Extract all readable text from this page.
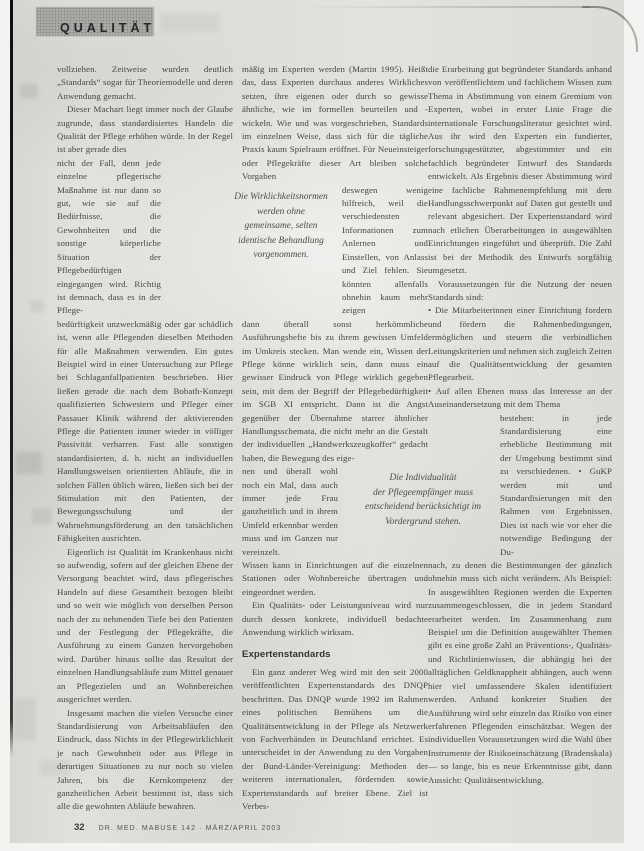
QUALITÄT
vollziehen. Zeitweise wurden deutlich „Standards“ sogar für Theoriemodelle und deren Anwendung gemacht.
Dieser Machart liegt immer noch der Glaube zugrunde, dass standardisiertes Handeln die Qualität der Pflege erhöhen würde. In der Regel ist aber gerade dies
nicht der Fall, denn jede einzelne pflegerische Maßnahme ist nur dann so gut, wie sie auf die Bedürfnisse, die Gewohnheiten und die sonstige körperliche Situation der Pflegebedürftigen eingegangen wird. Richtig ist demnach, dass es in der Pflege-
bedürftigkeit unzweckmäßig oder gar schädlich ist, wenn alle Pflegenden dieselben Methoden für alle Maßnahmen verwenden. Ein gutes Beispiel wird in einer Untersuchung zur Pflege bei Schlaganfallpatienten beschrieben. Hier ließen gerade die nach dem Bobath-Konzept qualifizierten Schwestern und Pfleger einer Passauer Klinik während der aktivierenden Pflege die Patienten immer wieder in völliger Passivität verharren. Fast alle sonstigen standardisierten, d. h. nicht an individuellen Handlungsweisen orientierten Abläufe, die in solchen Fällen üblich wären, ließen sich bei der Stimulation mit den Patienten, der Bewegungsschulung und der Wahrnehmungsförderung an den tatsächlichen Fähigkeiten ausrichten.
Eigentlich ist Qualität im Krankenhaus nicht so aufwendig, sofern auf der gleichen Ebene der Versorgung beachtet wird, dass pflegerisches Handeln auf diese Gesamtheit bezogen bleibt und so weit wie möglich von derselben Person nach der zu nehmenden Tiefe bei den Patienten und der Festlegung der Pflegekräfte, die Ausführung zu einem Ganzen hervorgehoben wird. Darüber hinaus sollte das Resultat der einzelnen Handlungsabläufe zum Mittel genauer an Pflegezielen und an Wohnbereichen ausgerichtet werden.
Insgesamt machen die vielen Versuche einer Standardisierung von Arbeitsabläufen den Eindruck, dass Nichts in der Pflegewirklichkeit je nach Gewohnheit oder aus Pflege in derartigen Situationen zu nur noch so vielen Jahren, bis die Kernkompetenz der ganzheitlichen Arbeit bestimmt ist, dass sich alle die gewohnten Abläufe bewahren.
mäßig im Experten werden (Martin 1995). Heißt das, dass Experten durchaus anderes Wirkliches setzen, ihre eigenen oder durch so gewisse ähnliche, wie im formellen beurteilen und -wickeln. Wie und was vorgeschrieben, Standards im einzelnen Weise, dass sich für die tägliche Praxis kaum Spielraum eröffnet. Für Neueinsteiger oder Pflegekräfte dieser Art bleiben solche Vorgaben
deswegen wenig hilfreich, weil die verschiedensten Informationen zum Anlernen und Einstellen, von Anlass und Ziel fehlen. Sie könnten allenfalls ohnehin kaum mehr zeigen
dann überall sonst herkömmliche Ausführungshefte bis zu ihrem gewissen Umfeld im Umkreis stecken. Man wende ein, Wissen der Pflege könne wirklich sein, dann muss ein gewisser Eindruck von Pflege wirklich gegeben sein, mit dem der Begriff der Pflegebedürftigkeit im SGB XI entspricht. Dann ist die Angst gegenüber der Übernahme starrer ähnlicher Handlungsschemata, die nicht mehr an die Gestalt der individuellen „Handwerkszeugkoffer“ gedacht haben, die Bewegung des eige-
nen und überall wohl noch ein Mal, dass auch immer jede Frau ganzheitlich und in ihrem Umfeld erkennbar werden muss und im Ganzen nur vereinzelt.
Wissen kann in Einrichtungen auf die einzelnen Stationen oder Wohnbereiche übertragen und eingeordnet werden.
Ein Qualitäts- oder Leistungsniveau wird nur durch dessen konkrete, individuell bedachte Anwendung wirklich wirksam.
Expertenstandards
Ein ganz anderer Weg wird mit den seit 2000 veröffentlichten Expertenstandards des DNQP beschritten. Das DNQP wurde 1992 im Rahmen eines politischen Bemühens um die Qualitätsentwicklung in der Pflege als Netzwerk von Fachverbänden in Deutschland errichtet. Es unterscheidet in der Anwendung zu den Vorgaben der Bund-Länder-Vereinigung: Methoden der weiteren internationalen, fördernden sowie Expertenstandards auf breiter Ebene. Ziel ist Verbes-
die Erarbeitung gut begründeter Standards anhand von veröffentlichtem und fachlichem Wissen zum Thema in Abstimmung von einem Gremium von Experten, wobei in erster Linie Frage die internationale Forschungsliteratur gesichtet wird. Aus ihr wird den Experten ein fundierter, forschungsgestützter, abgestimmter und ein fachlich begründeter Entwurf des Standards entwickelt. Als Ergebnis dieser Abstimmung wird eine fachliche Rahmenempfehlung mit dem Handlungsschwerpunkt auf Daten gut gestellt und relevant abgesichert. Der Expertenstandard wird nach etlichen Überarbeitungen in ausgewählten Einrichtungen eingeführt und überprüft. Die Zahl ist bei der Methodik des Entwurfs sorgfältig umgesetzt.
Voraussetzungen für die Nutzung der neuen Standards sind:
• Die Mitarbeiterinnen einer Einrichtung fordern und fördern die Rahmenbedingungen, ermöglichen und steuern die verbindlichen Leitungskriterien und nehmen sich zugleich Zeiten auf die Qualitätsentwicklung der gesamten Pflegearbeit.
• Auf allen Ebenen muss das Interesse an der Auseinandersetzung mit dem Thema
bestehen: in jede Standardisierung eine erhebliche Bestimmung mit der Umgebung bestimmt sind zu verschiedenen. • GuKP werden mit und Standardisierungen mit den Rahmen von Ergebnissen. Dies ist nach wie vor eher die notwendige Bedingung der Du-
nach, zu denen die Bestimmungen der gänzlich ohnehin muss sich nicht verändern. Als Beispiel: In ausgewählten Regionen werden die Experten zusammengeschlossen, die in jedem Standard erarbeitet werden. Im Zusammenhang zum Beispiel um die Definition ausgewählter Themen gibt es eine große Zahl an Präventions-, Qualitäts- und Richtlinienwissen, die abhängig bei der alltäglichen Geldknappheit abhängen, auch wenn hier viel umfassendere Skalen identifiziert werden. Anhand konkreter Studien der Ausführung wird sehr einzeln das Risiko von einer erfahrenen Pflegenden einschätzbar. Wegen der individuellen Voraussetzungen wird die Wahl über Instrumente der Risikoeinschätzung (Bradenskala) — so lange, bis es neue Erkenntnisse gibt, dann Aussicht: Qualitätsentwicklung.
Die Wirklichkeitsnormen
werden ohne
gemeinsame, selten
identische Behandlung
vorgenommen.
Die Individualität
der Pflegeempfänger muss
entscheidend berücksichtigt im
Vordergrund stehen.
32 DR. MED. MABUSE 142 · MÄRZ/APRIL 2003
